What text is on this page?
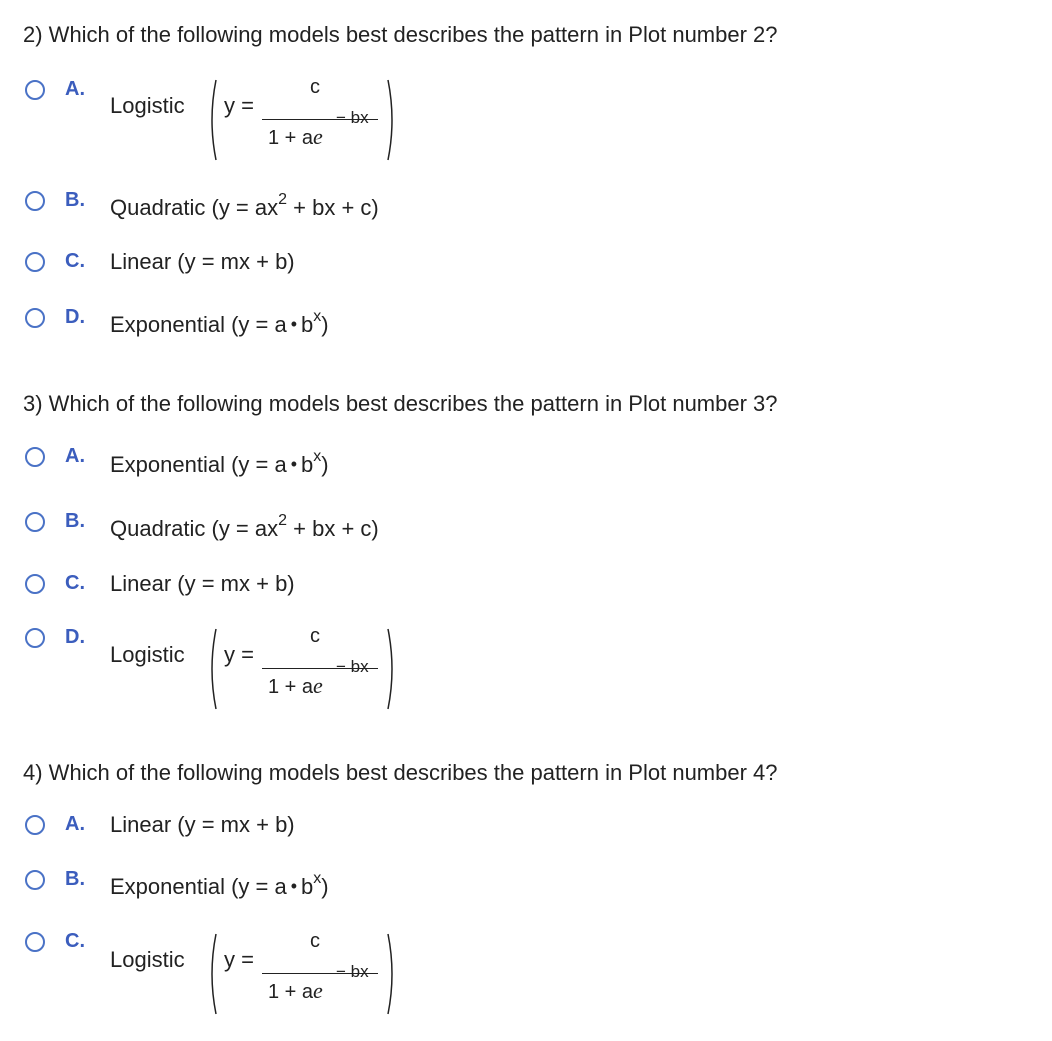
2) Which of the following models best describes the pattern in Plot number 2?
A.
Logistic y =
c
1 + ae
− bx
B. Quadratic ($y = ax^2$ + bx + c)
C. Linear (y = mx + b)
D. Exponential (y = a • $b^x$)
3) Which of the following models best describes the pattern in Plot number 3?
A. Exponential (y = a • $b^x$)
B. Quadratic ($y = ax^2$ + bx + c)
C. Linear (y = mx + b)
D.
Logistic y =
c
1 + ae
− bx
4) Which of the following models best describes the pattern in Plot number 4?
A. Linear (y = mx + b)
B. Exponential (y = a • $b^x$)
C.
Logistic y =
c
1 + ae
− bx
